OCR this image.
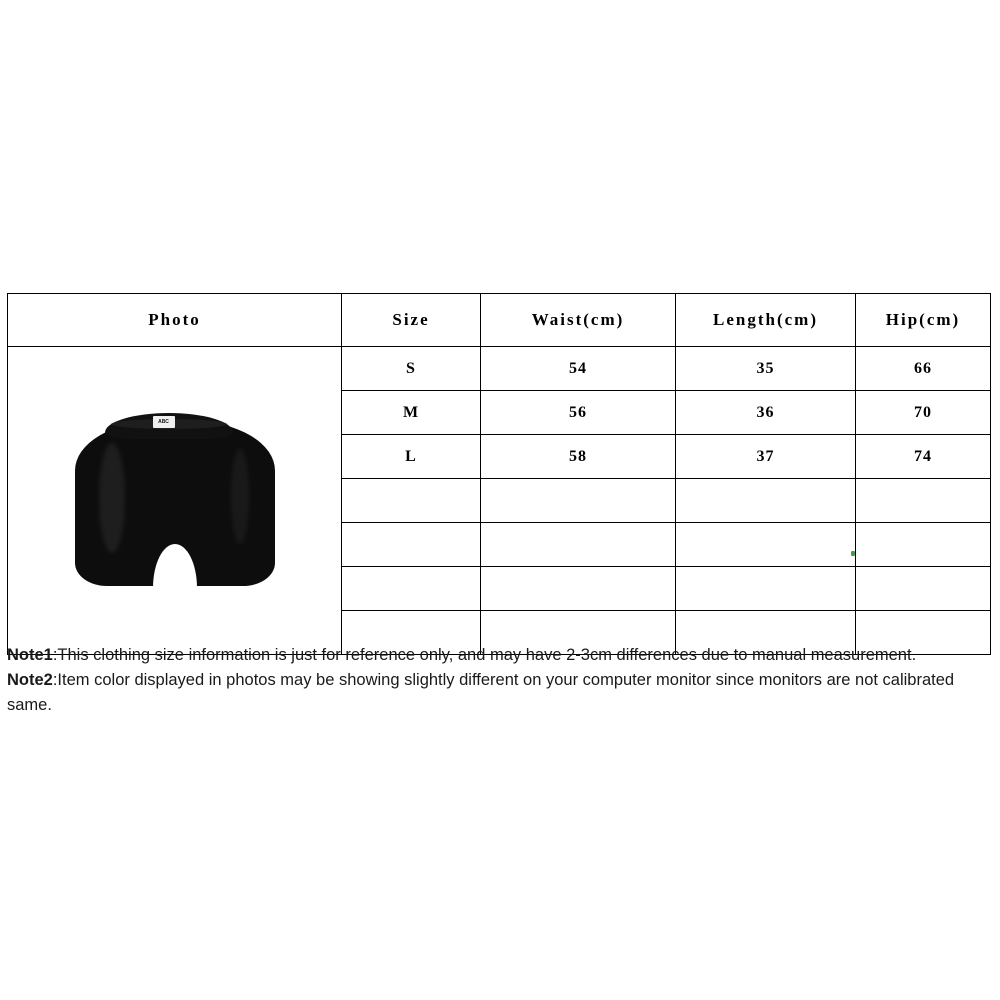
Photo	Size	Waist(cm)	Length(cm)	Hip(cm)

ABC	S	54	35	66
	M	56	36	70
	L	58	37	74

Note1:This clothing size information is just for reference only, and may have 2-3cm differences due to manual measurement.
Note2:Item color displayed in photos may be showing slightly different on your computer monitor since monitors are not calibrated same.
